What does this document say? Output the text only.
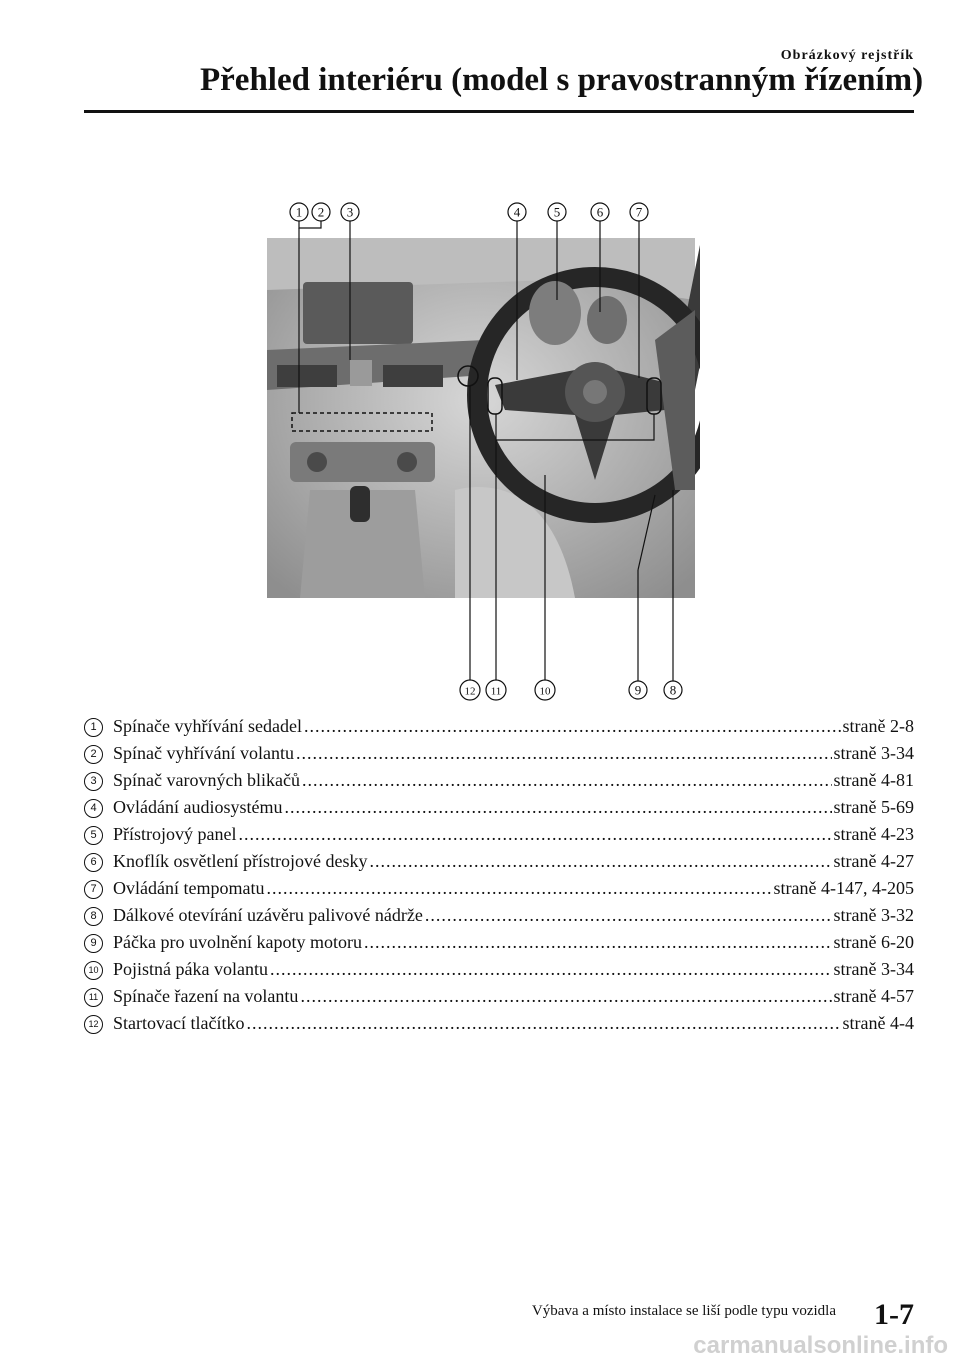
Obrázkový rejstřík
Přehled interiéru (model s pravostranným řízením)
1 2 3	4	5	6	7
12 11	10	9 8
1 Spínače vyhřívání sedadel .....	straně 2-8
2 Spínač vyhřívání volantu .....	straně 3-34
3 Spínač varovných blikačů .....	straně 4-81
4 Ovládání audiosystému .....	straně 5-69
5 Přístrojový panel .....	straně 4-23
6 Knoflík osvětlení přístrojové desky .....	straně 4-27
7 Ovládání tempomatu .....	straně 4-147, 4-205
8 Dálkové otevírání uzávěru palivové nádrže .....	straně 3-32
9 Páčka pro uvolnění kapoty motoru .....	straně 6-20
10 Pojistná páka volantu .....	straně 3-34
11 Spínače řazení na volantu .....	straně 4-57
12 Startovací tlačítko .....	straně 4-4
Výbava a místo instalace se liší podle typu vozidla 1-7
carmanualsonline.info
